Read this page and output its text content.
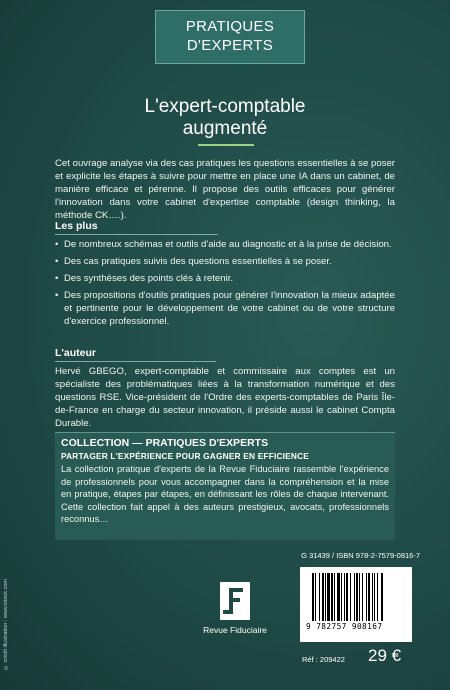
PRATIQUES
D'EXPERTS
L'expert-comptable
augmenté

Cet ouvrage analyse via des cas pratiques les questions essentielles à se poser et explicite les étapes à suivre pour mettre en place une IA dans un cabinet, de manière efficace et pérenne. Il propose des outils efficaces pour générer l'innovation dans votre cabinet d'expertise comptable (design thinking, la méthode CK….).

Les plus
• De nombreux schémas et outils d'aide au diagnostic et à la prise de décision.
• Des cas pratiques suivis des questions essentielles à se poser.
• Des synthèses des points clés à retenir.
• Des propositions d'outils pratiques pour générer l'innovation la mieux adaptée et pertinente pour le développement de votre cabinet ou de votre structure d'exercice professionnel.
L'auteur

Hervé GBEGO, expert-comptable et commissaire aux comptes est un spécialiste des problématiques liées à la transformation numérique et des questions RSE. Vice-président de l'Ordre des experts-comptables de Paris Île-de-France en charge du secteur innovation, il préside aussi le cabinet Compta Durable.

COLLECTION — PRATIQUES D'EXPERTS
PARTAGER L'EXPÉRIENCE POUR GAGNER EN EFFICIENCE
La collection pratique d'experts de la Revue Fiduciaire rassemble l'expérience de professionnels pour vous accompagner dans la compréhension et la mise en pratique, étapes par étapes, en définissant les rôles de chaque intervenant. Cette collection fait appel à des auteurs prestigieux, avocats, professionnels reconnus…
© crédit illustration : www.istock.com
G 31439 / ISBN 978-2-7579-0816-7
Revue Fiduciaire	9 782757 908167
Réf : 209422 29 €
